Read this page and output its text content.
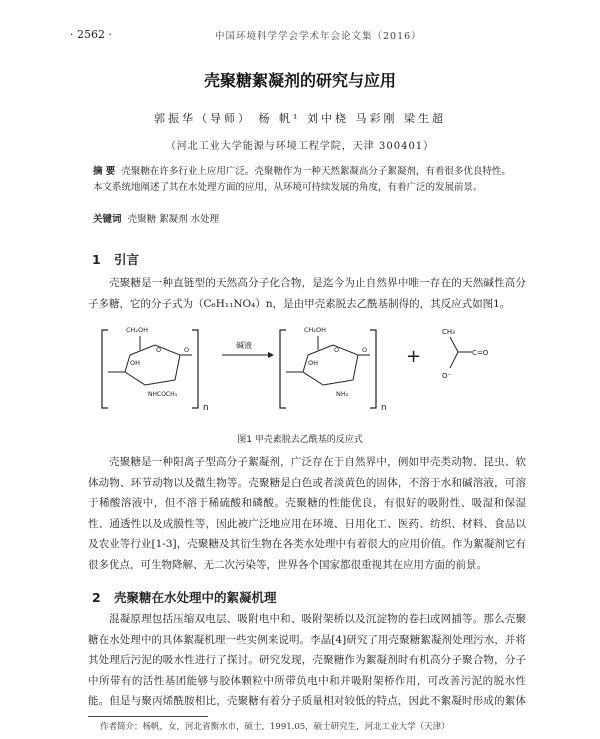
· 2562 ·	中国环境科学学会学术年会论文集（2016）
壳聚糖絮凝剂的研究与应用
郭振华（导师） 杨 帆¹ 刘中桡 马彩刚 梁生超
（河北工业大学能源与环境工程学院，天津 300401）
摘 要 壳聚糖在许多行业上应用广泛。壳聚糖作为一种天然絮凝高分子絮凝剂，有着很多优良特性。本文系统地阐述了其在水处理方面的应用，从环境可持续发展的角度，有着广泛的发展前景。
关键词 壳聚糖 絮凝剂 水处理
1 引言
壳聚糖是一种直链型的天然高分子化合物，是迄今为止自然界中唯一存在的天然碱性高分子多糖，它的分子式为（C₆H₁₁NO₄）n，是由甲壳素脱去乙酰基制得的，其反应式如图1。
CH₂OH
OH
O	O
NHCOCH₃
n
碱液
CH₂OH
OH
O	O
NH₂
n
+
CH₃
C=O
O⁻
图1 甲壳素脱去乙酰基的反应式
壳聚糖是一种阳离子型高分子絮凝剂，广泛存在于自然界中，例如甲壳类动物、昆虫、软体动物、环节动物以及微生物等。壳聚糖是白色或者淡黄色的固体，不溶于水和碱溶液，可溶于稀酸溶液中，但不溶于稀硫酸和磷酸。壳聚糖的性能优良，有很好的吸附性、吸湿和保湿性、通透性以及成膜性等，因此被广泛地应用在环境、日用化工、医药、纺织、材料、食品以及农业等行业[1-3]，壳聚糖及其衍生物在各类水处理中有着很大的应用价值。作为絮凝剂它有很多优点，可生物降解、无二次污染等，世界各个国家都很重视其在应用方面的前景。
2 壳聚糖在水处理中的絮凝机理
混凝原理包括压缩双电层、吸附电中和、吸附架桥以及沉淀物的卷扫或网捕等。那么壳聚糖在水处理中的具体絮凝机理一些实例来说明。李晶[4]研究了用壳聚糖絮凝剂处理污水，并将其处理后污泥的吸水性进行了探讨。研究发现，壳聚糖作为絮凝剂时有机高分子聚合物，分子中所带有的活性基团能够与胶体颗粒中所带负电中和并吸附架桥作用，可改善污泥的脱水性能。但是与聚丙烯酰胺相比，壳聚糖有着分子质量相对较低的特点，因此不絮凝时形成的絮体
作者简介：杨帆，女，河北省衡水市，硕士，1991.05，硕士研究生，河北工业大学（天津）
